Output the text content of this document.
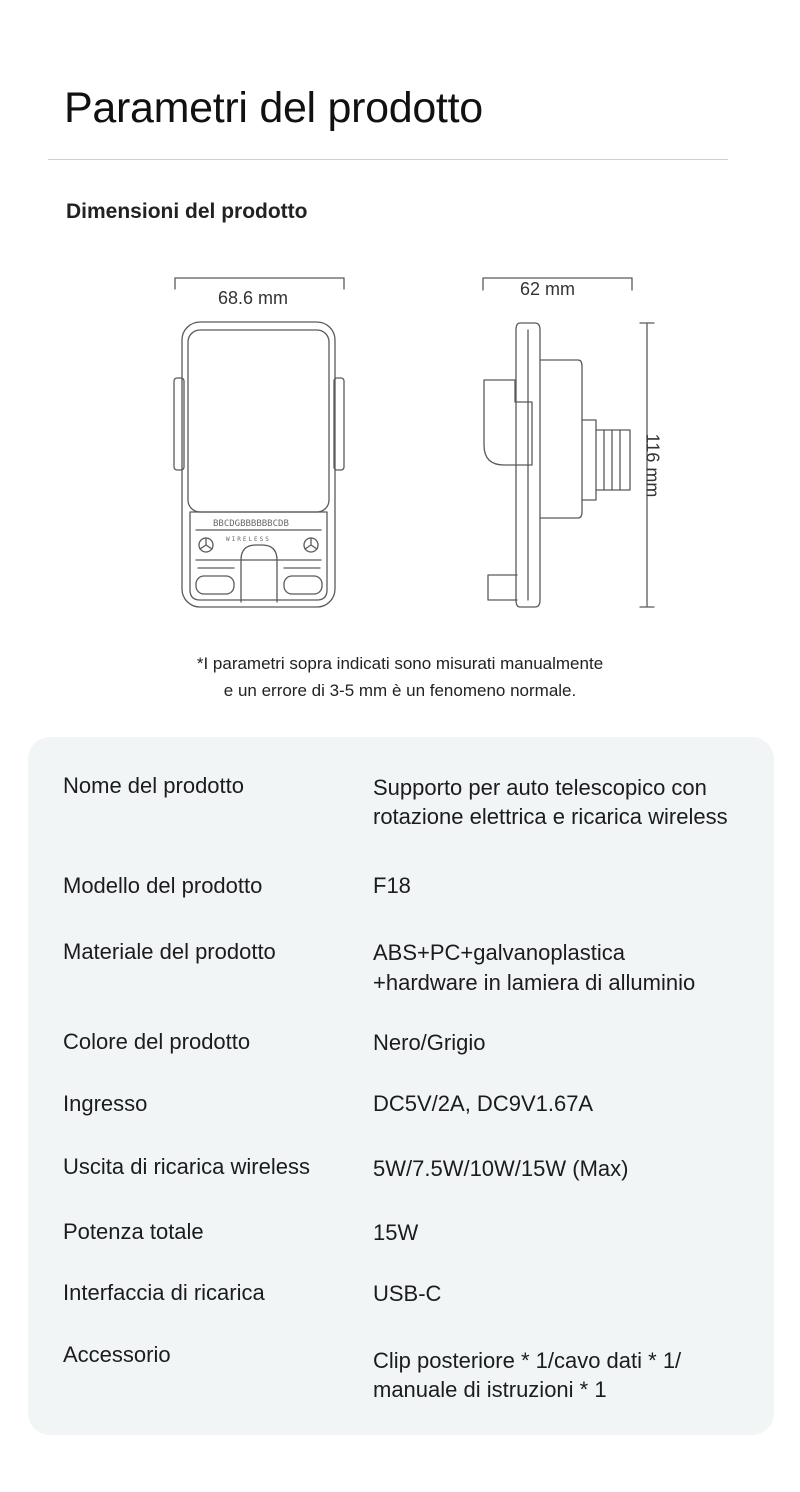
Parametri del prodotto
Dimensioni del prodotto
BBCDGBBBBBBCDB
WIRELESS
68.6 mm	62 mm
116 mm
*I parametri sopra indicati sono misurati manualmente
e un errore di 3-5 mm è un fenomeno normale.
Nome del prodotto	Supporto per auto telescopico con
rotazione elettrica e ricarica wireless
Modello del prodotto	F18
Materiale del prodotto	ABS+PC+galvanoplastica
+hardware in lamiera di alluminio
Colore del prodotto	Nero/Grigio
Ingresso	DC5V/2A, DC9V1.67A
Uscita di ricarica wireless	5W/7.5W/10W/15W (Max)
Potenza totale	15W
Interfaccia di ricarica	USB-C
Accessorio	Clip posteriore * 1/cavo dati * 1/
manuale di istruzioni * 1
